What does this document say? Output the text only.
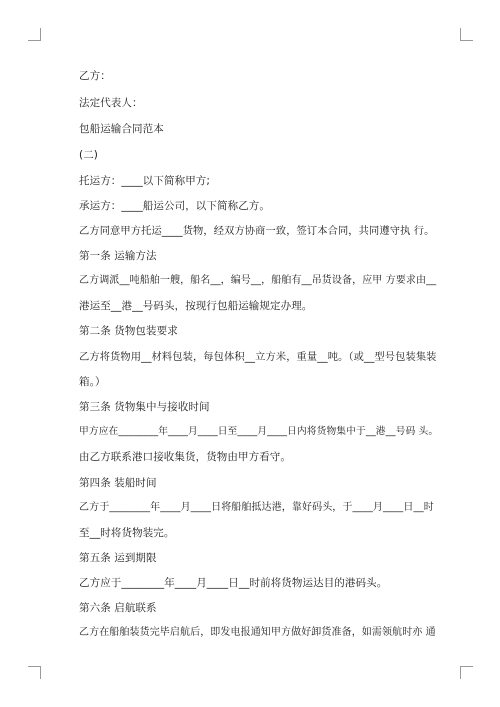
乙方：
法定代表人：
包船运输合同范本
(二)
托运方：____以下简称甲方;
承运方：____船运公司，以下简称乙方。
乙方同意甲方托运____货物，经双方协商一致，签订本合同，共同遵守执 行。
第一条 运输方法
乙方调派__吨船舶一艘，船名__，编号__，船舶有__吊货设备，应甲 方要求由__
港运至__港__号码头，按现行包船运输规定办理。
第二条 货物包装要求
乙方将货物用__材料包装，每包体积__立方米，重量__吨。（或__型号包装集装
箱。）
第三条 货物集中与接收时间
甲方应在________年____月____日至____月____日内将货物集中于__港__号码 头。
由乙方联系港口接收集货，货物由甲方看守。
第四条 装船时间
乙方于________年____月____日将船舶抵达港，靠好码头，于____月____日__时
至__时将货物装完。
第五条 运到期限
乙方应于________年____月____日__时前将货物运达目的港码头。
第六条 启航联系
乙方在船舶装货完毕启航后，即发电报通知甲方做好卸货准备，如需领航时亦 通
